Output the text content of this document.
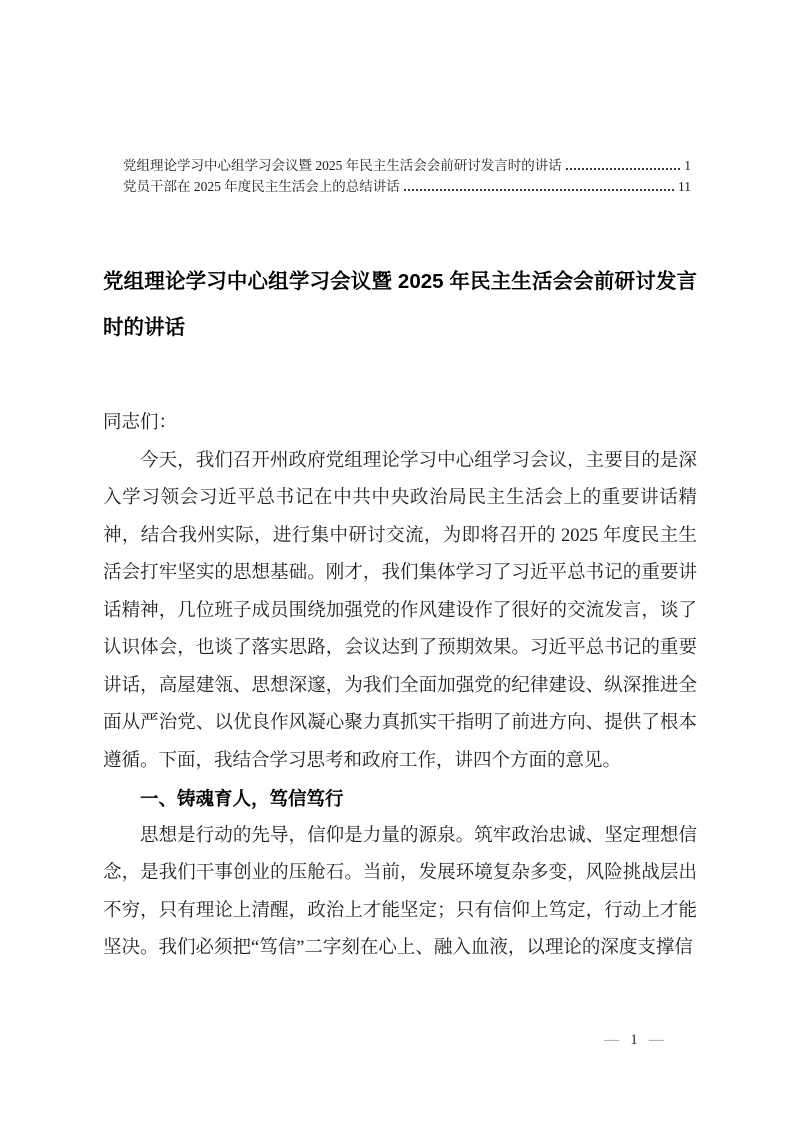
党组理论学习中心组学习会议暨 2025 年民主生活会会前研讨发言时的讲话	1
党员干部在 2025 年度民主生活会上的总结讲话	11
党组理论学习中心组学习会议暨 2025 年民主生活会会前研讨发言时的讲话

同志们：

今天，我们召开州政府党组理论学习中心组学习会议，主要目的是深入学习领会习近平总书记在中共中央政治局民主生活会上的重要讲话精神，结合我州实际，进行集中研讨交流，为即将召开的 2025 年度民主生活会打牢坚实的思想基础。刚才，我们集体学习了习近平总书记的重要讲话精神，几位班子成员围绕加强党的作风建设作了很好的交流发言，谈了认识体会，也谈了落实思路，会议达到了预期效果。习近平总书记的重要讲话，高屋建瓴、思想深邃，为我们全面加强党的纪律建设、纵深推进全面从严治党、以优良作风凝心聚力真抓实干指明了前进方向、提供了根本遵循。下面，我结合学习思考和政府工作，讲四个方面的意见。

一、铸魂育人，笃信笃行

思想是行动的先导，信仰是力量的源泉。筑牢政治忠诚、坚定理想信念，是我们干事创业的压舱石。当前，发展环境复杂多变，风险挑战层出不穷，只有理论上清醒，政治上才能坚定；只有信仰上笃定，行动上才能坚决。我们必须把“笃信”二字刻在心上、融入血液，以理论的深度支撑信

— 1 —
